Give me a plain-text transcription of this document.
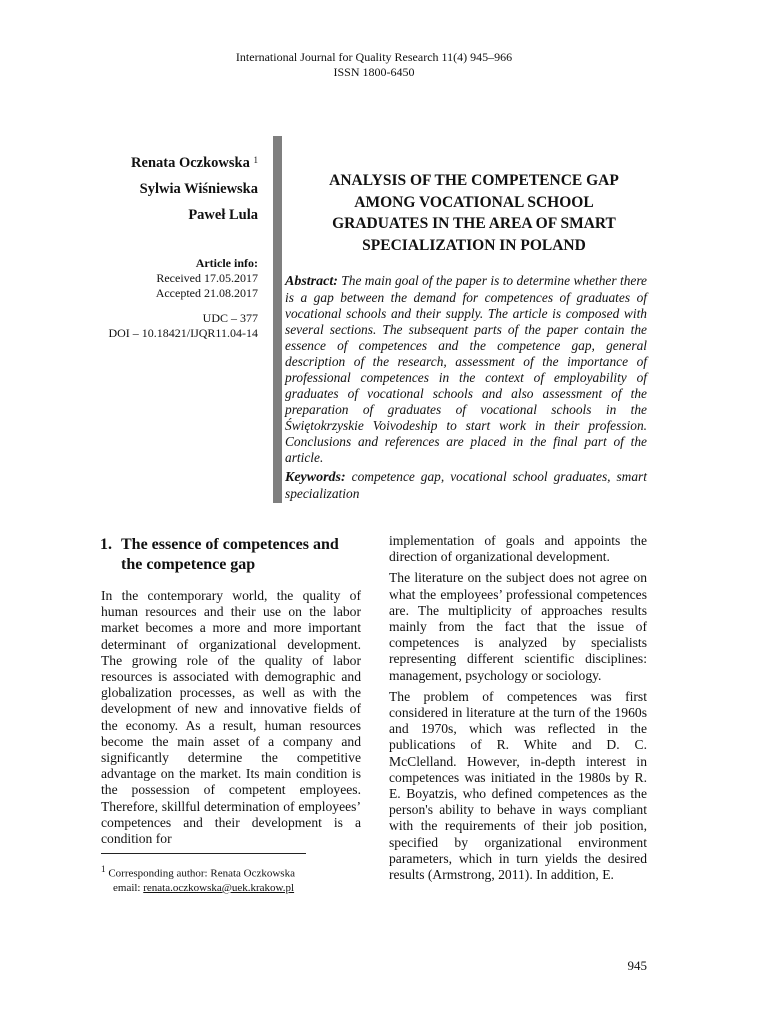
International Journal for Quality Research 11(4) 945–966
ISSN 1800-6450
Renata Oczkowska $^1$
Sylwia Wiśniewska
Paweł Lula
Article info:
Received 17.05.2017
Accepted 21.08.2017
UDC – 377
DOI – 10.18421/IJQR11.04-14
ANALYSIS OF THE COMPETENCE GAP
AMONG VOCATIONAL SCHOOL
GRADUATES IN THE AREA OF SMART
SPECIALIZATION IN POLAND
Abstract: The main goal of the paper is to determine whether there is a gap between the demand for competences of graduates of vocational schools and their supply. The article is composed with several sections. The subsequent parts of the paper contain the essence of competences and the competence gap, general description of the research, assessment of the importance of professional competences in the context of employability of graduates of vocational schools and also assessment of the preparation of graduates of vocational schools in the Świętokrzyskie Voivodeship to start work in their profession. Conclusions and references are placed in the final part of the article.
Keywords: competence gap, vocational school graduates, smart specialization
1. The essence of competences and the competence gap

In the contemporary world, the quality of human resources and their use on the labor market becomes a more and more important determinant of organizational development. The growing role of the quality of labor resources is associated with demographic and globalization processes, as well as with the development of new and innovative fields of the economy. As a result, human resources become the main asset of a company and significantly determine the competitive advantage on the market. Its main condition is the possession of competent employees. Therefore, skillful determination of employees’ competences and their development is a condition for

implementation of goals and appoints the direction of organizational development.

The literature on the subject does not agree on what the employees’ professional competences are. The multiplicity of approaches results mainly from the fact that the issue of competences is analyzed by specialists representing different scientific disciplines: management, psychology or sociology.

The problem of competences was first considered in literature at the turn of the 1960s and 1970s, which was reflected in the publications of R. White and D. C. McClelland. However, in-depth interest in competences was initiated in the 1980s by R. E. Boyatzis, who defined competences as the person's ability to behave in ways compliant with the requirements of their job position, specified by organizational environment parameters, which in turn yields the desired results (Armstrong, 2011). In addition, E.

$^1$ Corresponding author: Renata Oczkowska
email: renata.oczkowska@uek.krakow.pl
945
